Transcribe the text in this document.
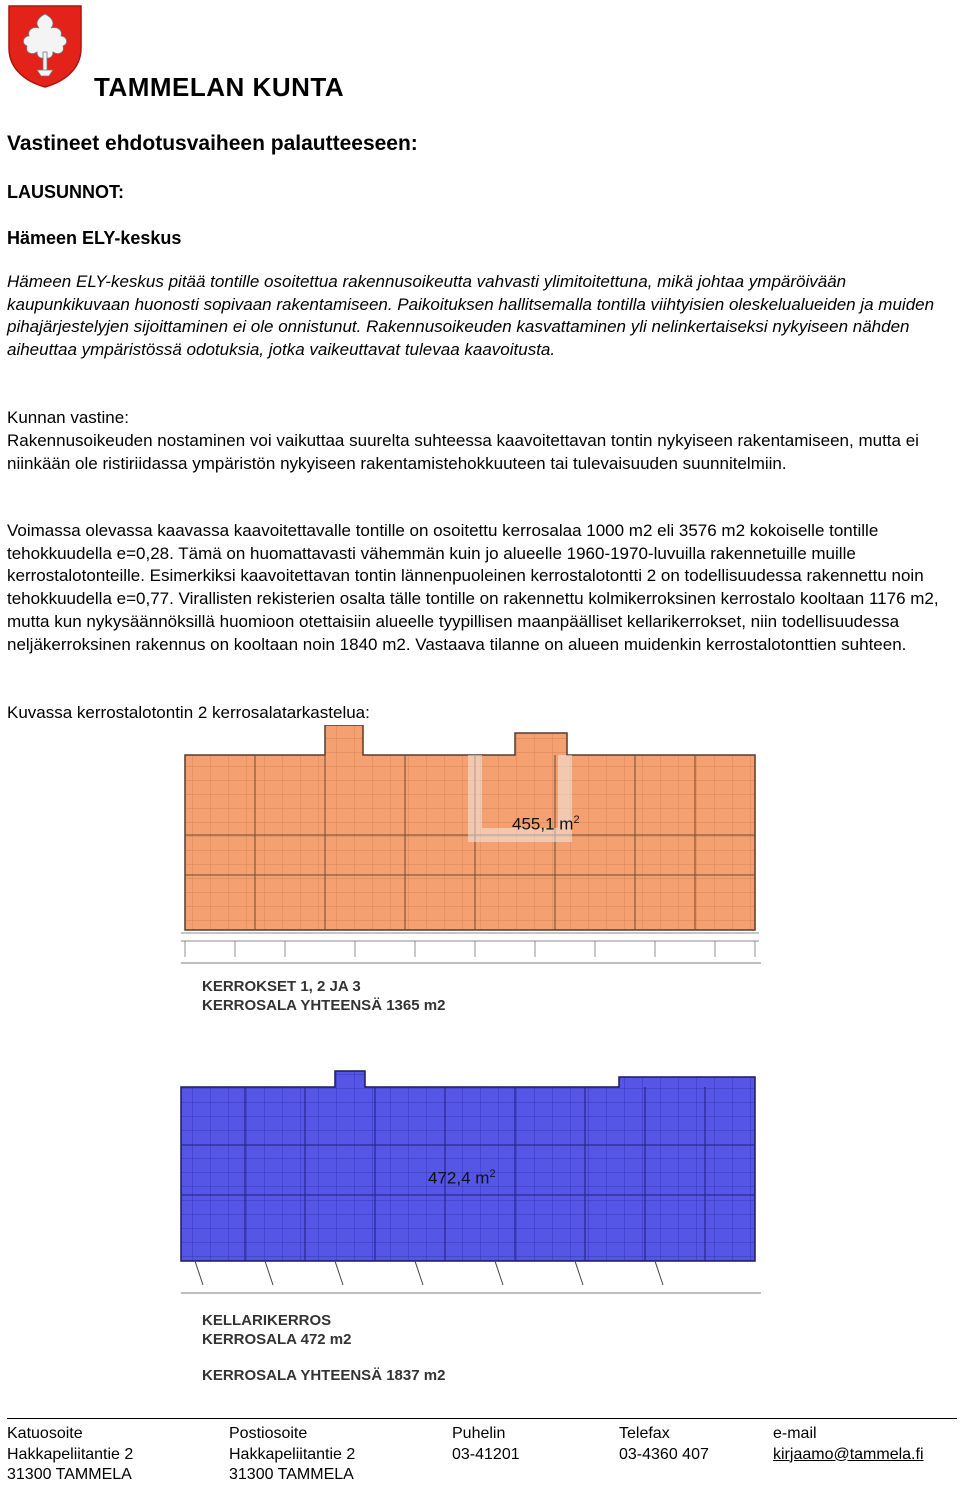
TAMMELAN KUNTA
Vastineet ehdotusvaiheen palautteeseen:
LAUSUNNOT:
Hämeen ELY-keskus
Hämeen ELY-keskus pitää tontille osoitettua rakennusoikeutta vahvasti ylimitoitettuna, mikä johtaa ympäröivään kaupunkikuvaan huonosti sopivaan rakentamiseen. Paikoituksen hallitsemalla tontilla viihtyisien oleskelualueiden ja muiden pihajärjestelyjen sijoittaminen ei ole onnistunut. Rakennusoikeuden kasvattaminen yli nelinkertaiseksi nykyiseen nähden aiheuttaa ympäristössä odotuksia, jotka vaikeuttavat tulevaa kaavoitusta.
Kunnan vastine:
Rakennusoikeuden nostaminen voi vaikuttaa suurelta suhteessa kaavoitettavan tontin nykyiseen rakentamiseen, mutta ei niinkään ole ristiriidassa ympäristön nykyiseen rakentamistehokkuuteen tai tulevaisuuden suunnitelmiin.
Voimassa olevassa kaavassa kaavoitettavalle tontille on osoitettu kerrosalaa 1000 m2 eli 3576 m2 kokoiselle tontille tehokkuudella e=0,28. Tämä on huomattavasti vähemmän kuin jo alueelle 1960-1970-luvuilla rakennetuille muille kerrostalotonteille. Esimerkiksi kaavoitettavan tontin lännenpuoleinen kerrostalotontti 2 on todellisuudessa rakennettu noin tehokkuudella e=0,77. Virallisten rekisterien osalta tälle tontille on rakennettu kolmikerroksinen kerrostalo kooltaan 1176 m2, mutta kun nykysäännöksillä huomioon otettaisiin alueelle tyypillisen maanpäälliset kellarikerrokset, niin todellisuudessa neljäkerroksinen rakennus on kooltaan noin 1840 m2. Vastaava tilanne on alueen muidenkin kerrostalotonttien suhteen.
Kuvassa kerrostalotontin 2 kerrosalatarkastelua:
455,1 $m^2$
KERROKSET 1, 2 JA 3
KERROSALA YHTEENSÄ 1365 m2
472,4 $m^2$
KELLARIKERROS
KERROSALA 472 m2
KERROSALA YHTEENSÄ 1837 m2
Katuosoite
Hakkapeliitantie 2
31300 TAMMELA
Postiosoite
Hakkapeliitantie 2
31300 TAMMELA
Puhelin
03-41201
Telefax
03-4360 407
e-mail
kirjaamo@tammela.fi
